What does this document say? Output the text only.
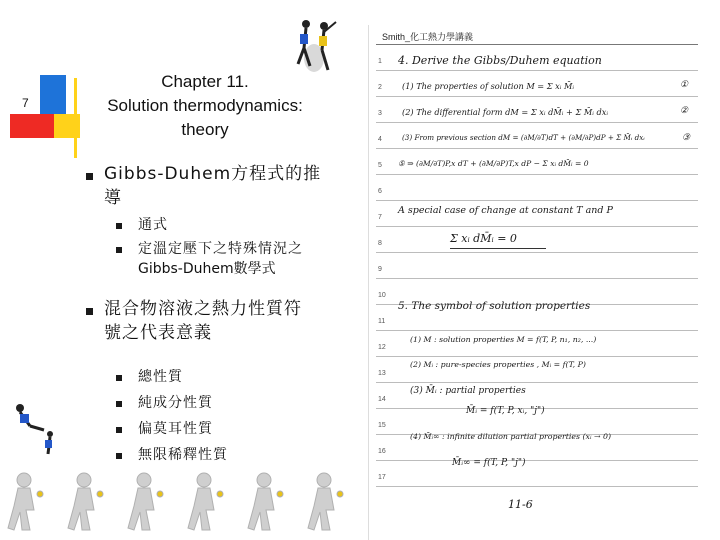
7
Chapter 11.
Solution thermodynamics:
theory
Gibbs-Duhem方程式的推
導
通式
定溫定壓下之特殊情況之
Gibbs-Duhem數學式
混合物溶液之熱力性質符
號之代表意義
總性質
純成分性質
偏莫耳性質
無限稀釋性質
Smith_化工熱力學講義
1
2
3
4
5
6
7
8
9
10
11
12
13
14
15
16
17
4. Derive the Gibbs/Duhem equation
(1) The properties of solution M = Σ xᵢ M̄ᵢ
(2) The differential form dM = Σ xᵢ dM̄ᵢ + Σ M̄ᵢ dxᵢ
(3) From previous section dM = (∂M/∂T)dT + (∂M/∂P)dP + Σ M̄ᵢ dxᵢ
⑤ ⇒ (∂M/∂T)P,x dT + (∂M/∂P)T,x dP − Σ xᵢ dM̄ᵢ = 0
A special case of change at constant T and P
Σ xᵢ dM̄ᵢ = 0
5. The symbol of solution properties
(1) M : solution properties M = f(T, P, n₁, n₂, ...)
(2) Mᵢ : pure-species properties , Mᵢ = f(T, P)
(3) M̄ᵢ : partial properties
M̄ᵢ = f(T, P, xᵢ, "j")
(4) M̄ᵢ∞ : infinite dilution partial properties (xᵢ → 0)
M̄ᵢ∞ = f(T, P, "j")
①
②
③
11-6
